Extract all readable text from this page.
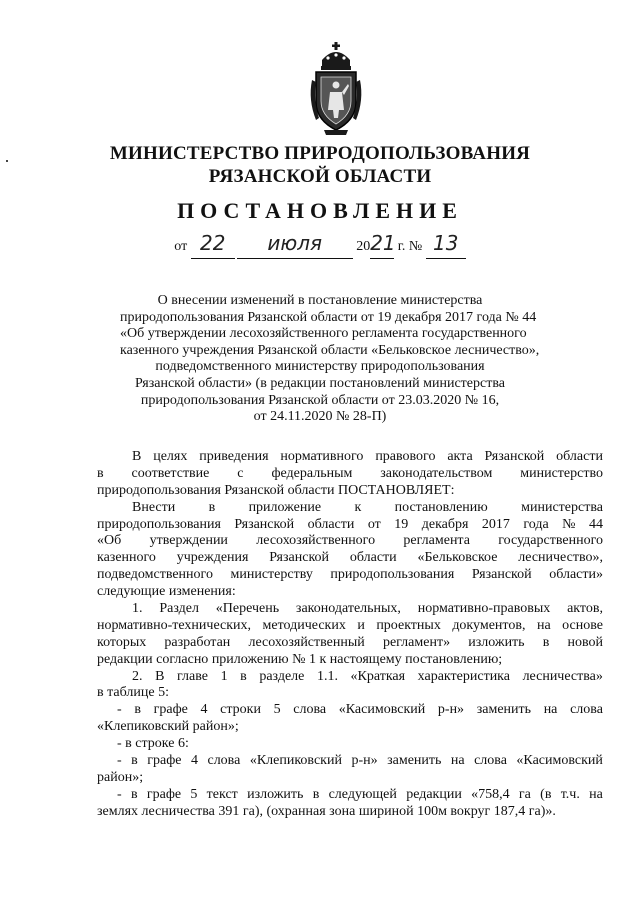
МИНИСТЕРСТВО ПРИРОДОПОЛЬЗОВАНИЯ
РЯЗАНСКОЙ ОБЛАСТИ
ПОСТАНОВЛЕНИЕ
от 22 июля 2021 г. № 13
О внесении изменений в постановление министерства
природопользования Рязанской области от 19 декабря 2017 года № 44
«Об утверждении лесохозяйственного регламента государственного
казенного учреждения Рязанской области «Бельковское лесничество»,
подведомственного министерству природопользования
Рязанской области» (в редакции постановлений министерства
природопользования Рязанской области от 23.03.2020 № 16,
от 24.11.2020 № 28-П)
В целях приведения нормативного правового акта Рязанской области
в соответствие с федеральным законодательством министерство
природопользования Рязанской области ПОСТАНОВЛЯЕТ:
Внести в приложение к постановлению министерства
природопользования Рязанской области от 19 декабря 2017 года № 44
«Об утверждении лесохозяйственного регламента государственного
казенного учреждения Рязанской области «Бельковское лесничество»,
подведомственного министерству природопользования Рязанской области»
следующие изменения:
1. Раздел «Перечень законодательных, нормативно-правовых актов,
нормативно-технических, методических и проектных документов, на основе
которых разработан лесохозяйственный регламент» изложить в новой
редакции согласно приложению № 1 к настоящему постановлению;
2. В главе 1 в разделе 1.1. «Краткая характеристика лесничества»
в таблице 5:
- в графе 4 строки 5 слова «Касимовский р-н» заменить на слова
«Клепиковский район»;
- в строке 6:
- в графе 4 слова «Клепиковский р-н» заменить на слова «Касимовский
район»;
- в графе 5 текст изложить в следующей редакции «758,4 га (в т.ч. на
землях лесничества 391 га), (охранная зона шириной 100м вокруг 187,4 га)».
